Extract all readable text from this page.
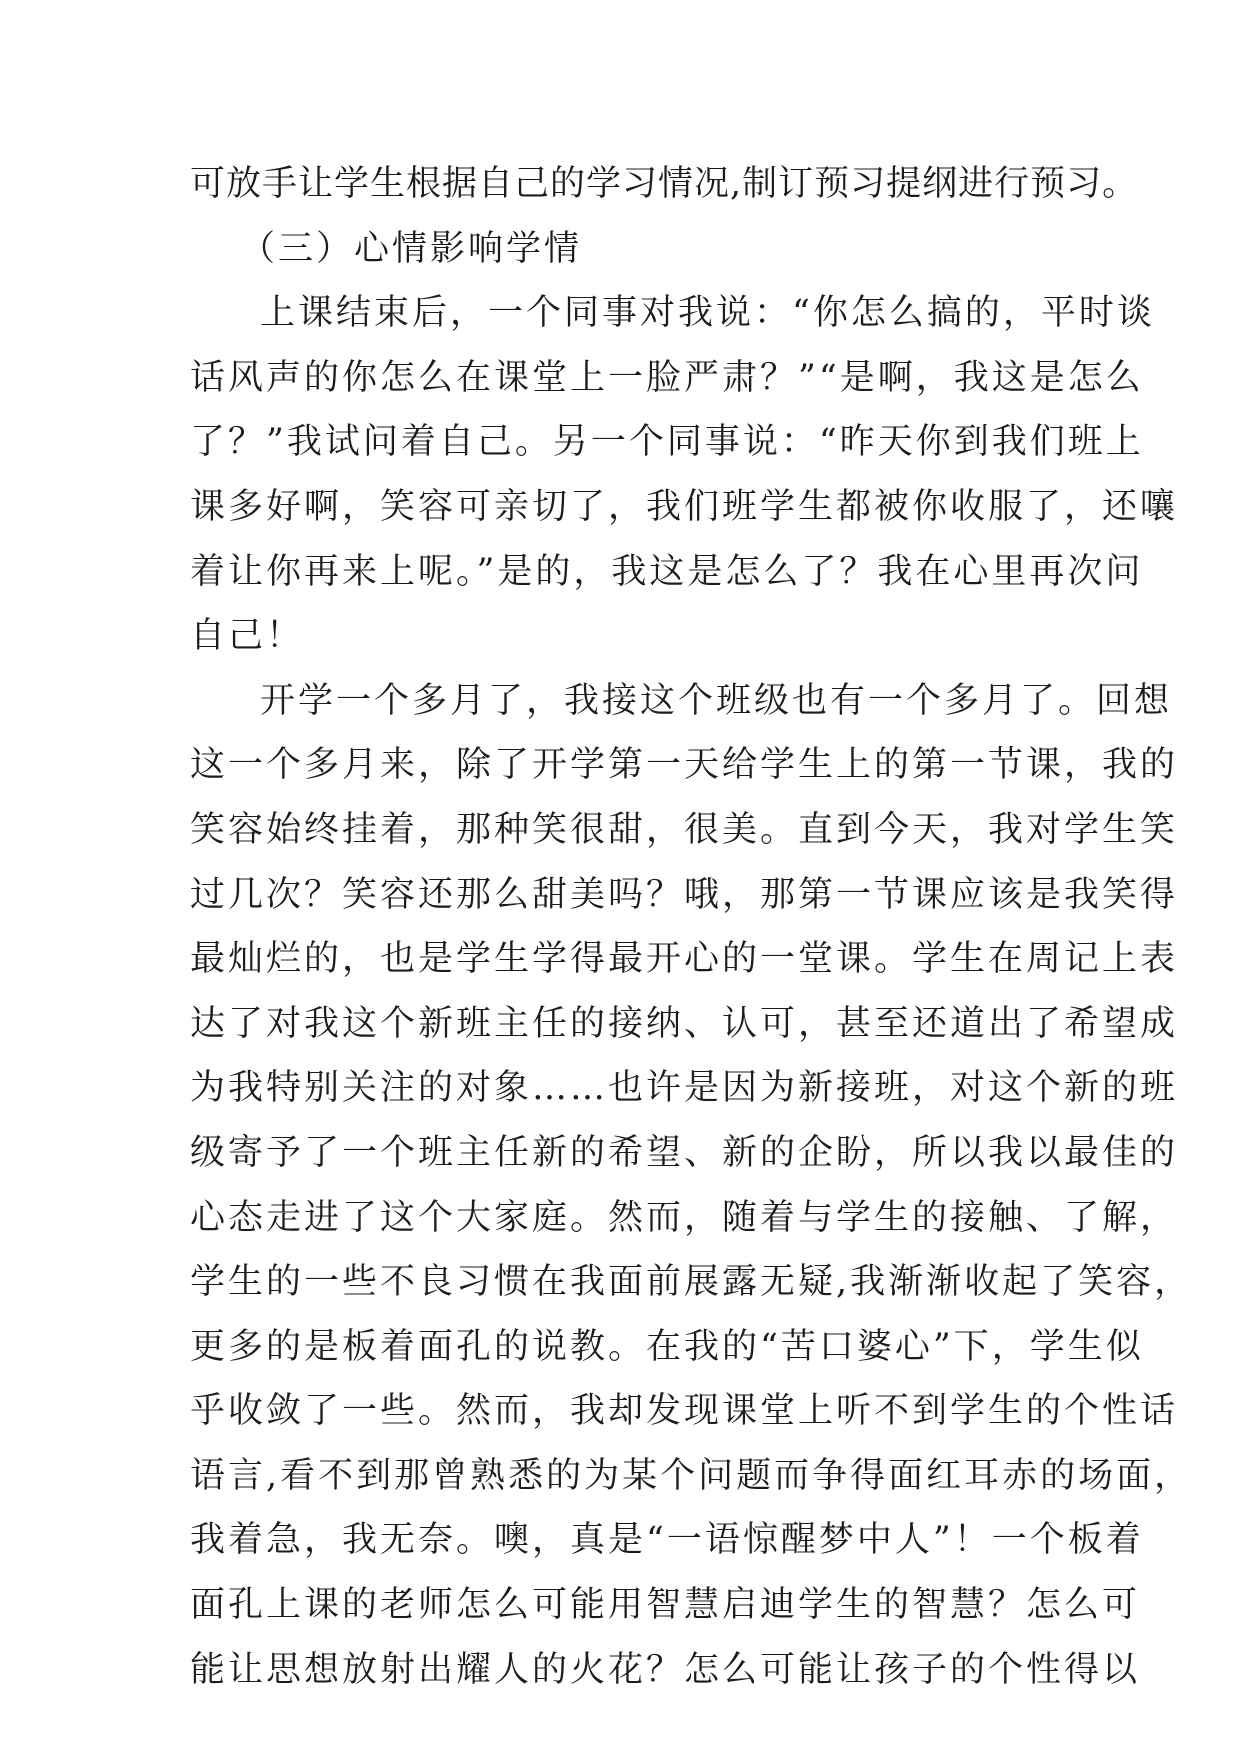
可放手让学生根据自己的学习情况,制订预习提纲进行预习。
（三）心情影响学情
上课结束后，一个同事对我说：“你怎么搞的，平时谈
话风声的你怎么在课堂上一脸严肃？”“是啊，我这是怎么
了？”我试问着自己。另一个同事说：“昨天你到我们班上
课多好啊，笑容可亲切了，我们班学生都被你收服了，还嚷
着让你再来上呢。”是的，我这是怎么了？我在心里再次问
自己！
开学一个多月了，我接这个班级也有一个多月了。回想
这一个多月来，除了开学第一天给学生上的第一节课，我的
笑容始终挂着，那种笑很甜，很美。直到今天，我对学生笑
过几次？笑容还那么甜美吗？哦，那第一节课应该是我笑得
最灿烂的，也是学生学得最开心的一堂课。学生在周记上表
达了对我这个新班主任的接纳、认可，甚至还道出了希望成
为我特别关注的对象……也许是因为新接班，对这个新的班
级寄予了一个班主任新的希望、新的企盼，所以我以最佳的
心态走进了这个大家庭。然而，随着与学生的接触、了解，
学生的一些不良习惯在我面前展露无疑,我渐渐收起了笑容，
更多的是板着面孔的说教。在我的“苦口婆心”下，学生似
乎收敛了一些。然而，我却发现课堂上听不到学生的个性话
语言,看不到那曾熟悉的为某个问题而争得面红耳赤的场面，
我着急，我无奈。噢，真是“一语惊醒梦中人”！一个板着
面孔上课的老师怎么可能用智慧启迪学生的智慧？怎么可
能让思想放射出耀人的火花？怎么可能让孩子的个性得以
